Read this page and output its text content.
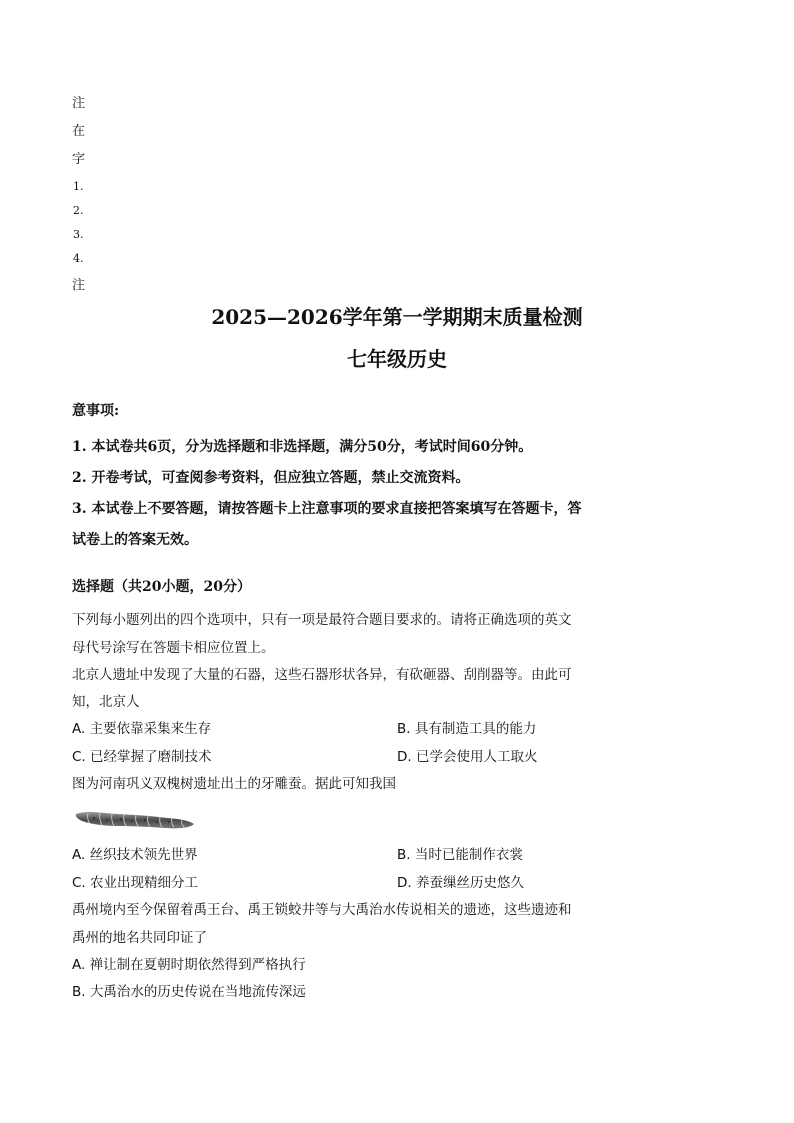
注
在
字
1.
2.
3.
4.
注
2025—2026学年第一学期期末质量检测
七年级历史
意事项:
1. 本试卷共6页，分为选择题和非选择题，满分50分，考试时间60分钟。
2. 开卷考试，可查阅参考资料，但应独立答题，禁止交流资料。
3. 本试卷上不要答题，请按答题卡上注意事项的要求直接把答案填写在答题卡，答
试卷上的答案无效。
选择题（共20小题，20分）
下列每小题列出的四个选项中，只有一项是最符合题目要求的。请将正确选项的英文
母代号涂写在答题卡相应位置上。
北京人遗址中发现了大量的石器，这些石器形状各异，有砍砸器、刮削器等。由此可
知，北京人
A. 主要依靠采集来生存	B. 具有制造工具的能力
C. 已经掌握了磨制技术	D. 已学会使用人工取火
图为河南巩义双槐树遗址出土的牙雕蚕。据此可知我国
A. 丝织技术领先世界	B. 当时已能制作衣裳
C. 农业出现精细分工	D. 养蚕缫丝历史悠久
禹州境内至今保留着禹王台、禹王锁蛟井等与大禹治水传说相关的遗迹，这些遗迹和
禹州的地名共同印证了
A. 禅让制在夏朝时期依然得到严格执行
B. 大禹治水的历史传说在当地流传深远
